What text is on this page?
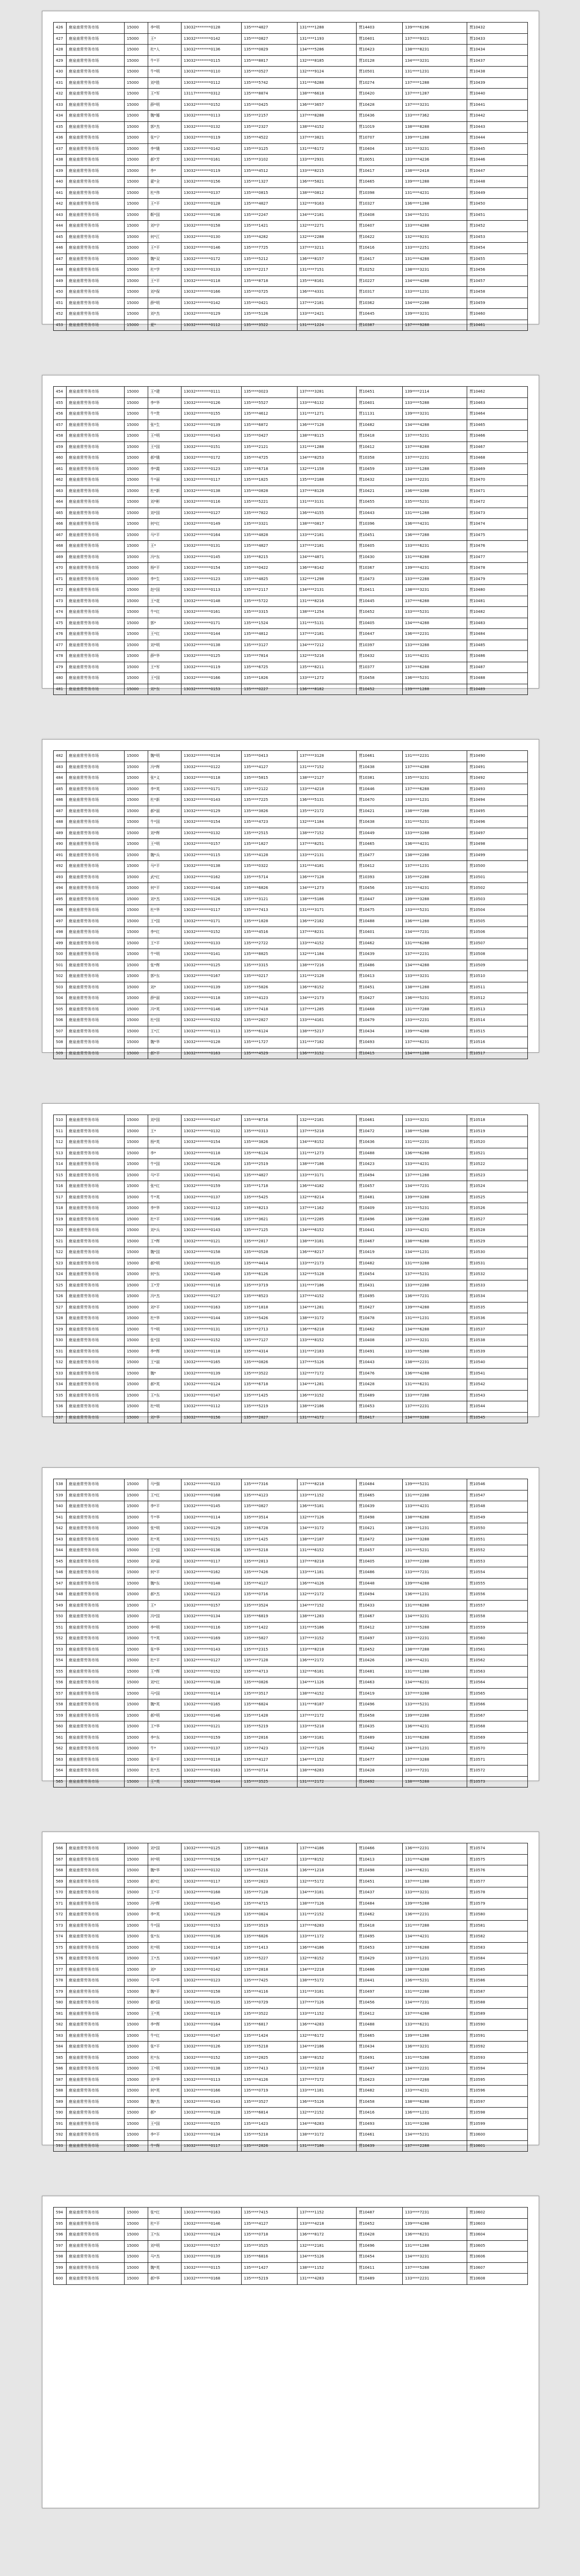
426	鹿泉南常劳务市场	15000	李*明	13032********0128	135****4827	131****1288	贾14403	139****6196	贾10432
427	鹿泉南常劳务市场	15000	王*	13032********0142	135****0827	131****1193	贾10401	137****9321	贾10433
428	鹿泉南常劳务市场	15000	杜*人	13032********0136	135****0829	134****5286	贾10423	138****8231	贾10434
429	鹿泉南常劳务市场	15000	牛*平	13032********0115	135****8817	132****8185	贾10128	134****3231	贾10437
430	鹿泉南常劳务市场	15000	牛*明	13032********0110	135****0527	132****9124	贾10501	131****1231	贾10438
431	鹿泉南常劳务市场	15000	刘*胜	13032********0112	135****5742	131****6288	贾10274	137****1288	贾10439
432	鹿泉南常劳务市场	15000	王*军	13117********0312	135****8874	138****6618	贾10420	137****1287	贾10440
433	鹿泉南常劳务市场	15000	薛*明	13032********0152	135****0425	136****3657	贾10428	137****3231	贾10441
434	鹿泉南常劳务市场	15000	魏*娜	13032********0113	135****2157	137****8288	贾10436	133****7362	贾10442
435	鹿泉南常劳务市场	15000	郭*杰	13032********0132	135****2327	138****4152	贾11019	138****8288	贾10443
436	鹿泉南常劳务市场	15000	张*宁	13032********0119	135****4522	137****3821	贾10707	139****1288	贾10444
437	鹿泉南常劳务市场	15000	李*娥	13032********0142	135****3125	131****6172	贾10404	131****3231	贾10445
438	鹿泉南常劳务市场	15000	郝*芳	13032********0161	135****3102	133****2931	贾10051	133****4236	贾10446
439	鹿泉南常劳务市场	15000	李*	13032********0119	135****4512	133****8215	贾10417	138****2418	贾10447
440	鹿泉南常劳务市场	15000	翟*全	13032********0156	135****1327	136****5821	贾10465	139****1288	贾10448
441	鹿泉南常劳务市场	15000	杜*伟	13032********0137	135****0815	138****0812	贾10398	131****4231	贾10449
442	鹿泉南常劳务市场	15000	王*平	13032********0128	135****4827	132****9163	贾10327	136****1288	贾10450
443	鹿泉南常劳务市场	15000	靳*国	13032********0136	135****2247	134****2181	贾10408	134****5231	贾10451
444	鹿泉南常劳务市场	15000	刘*宇	13032********0158	135****1421	132****2271	贾10407	133****4288	贾10452
445	鹿泉南常劳务市场	15000	何*江	13032********0130	135****4282	132****2288	贾10422	132****9231	贾10453
446	鹿泉南常劳务市场	15000	王*平	13032********0146	135****7725	137****3211	贾10416	133****2251	贾10454
447	鹿泉南常劳务市场	15000	魏*双	13032********0172	135****5212	136****8157	贾10417	131****4288	贾10455
448	鹿泉南常劳务市场	15000	杜*学	13032********0133	135****2217	131****7151	贾10252	138****3231	贾10456
449	鹿泉南常劳务市场	15000	王*平	13032********0118	135****8718	135****8161	贾10227	134****4288	贾10457
450	鹿泉南常劳务市场	15000	刘*保	13032********0166	135****0725	136****4331	贾10317	133****1231	贾10458
451	鹿泉南常劳务市场	15000	薛*明	13032********0142	135****0421	137****2181	贾10362	134****2288	贾10459
452	鹿泉南常劳务市场	15000	刘*杰	13032********0129	135****5126	133****2421	贾10445	139****3231	贾10460
453	鹿泉南常劳务市场	15000	夏*	13032********0112	135****3522	131****1224	贾10387	137****9288	贾10461
454	鹿泉南常劳务市场	15000	王*建	13032********0111	135****0023	137****3281	贾10451	139****2114	贾10462
455	鹿泉南常劳务市场	15000	李*华	13032********0126	135****5527	133****6132	贾10401	133****5288	贾10463
456	鹿泉南常劳务市场	15000	牛*贵	13032********0155	135****4612	131****1271	贾11131	139****3231	贾10464
457	鹿泉南常劳务市场	15000	张*生	13032********0139	135****6872	136****7128	贾10482	134****4288	贾10465
458	鹿泉南常劳务市场	15000	王*明	13032********0143	135****0427	138****8115	贾10418	137****5231	贾10466
459	鹿泉南常劳务市场	15000	王*国	13032********0151	135****2121	131****1288	贾10412	137****8288	贾10467
460	鹿泉南常劳务市场	15000	郝*娥	13032********0172	135****4725	134****8253	贾10358	137****2231	贾10468
461	鹿泉南常劳务市场	15000	李*霞	13032********0123	135****6718	132****1158	贾10459	133****1288	贾10469
462	鹿泉南常劳务市场	15000	牛*丽	13032********0117	135****1825	135****2188	贾10432	134****2231	贾10470
463	鹿泉南常劳务市场	15000	杜*新	13032********0138	135****0828	137****8128	贾10421	136****3288	贾10471
464	鹿泉南常劳务市场	15000	刘*彬	13032********0116	135****5221	131****3131	贾10455	135****5231	贾10472
465	鹿泉南常劳务市场	15000	刘*国	13032********0127	135****7822	136****4155	贾10443	131****1288	贾10473
466	鹿泉南常劳务市场	15000	何*红	13032********0149	135****3321	138****0817	贾10396	136****4231	贾10474
467	鹿泉南常劳务市场	15000	马*平	13032********0164	135****4828	133****2181	贾10451	136****7288	贾10475
468	鹿泉南常劳务市场	15000	王*	13032********0131	135****4827	137****2181	贾10405	133****6231	贾10476
469	鹿泉南常劳务市场	15000	冯*东	13032********0145	135****8215	134****4871	贾10430	131****8288	贾10477
470	鹿泉南常劳务市场	15000	杨*平	13032********0154	135****0422	136****8142	贾10367	139****4231	贾10478
471	鹿泉南常劳务市场	15000	李*生	13032********0123	135****4825	132****1298	贾10473	133****2288	贾10479
472	鹿泉南常劳务市场	15000	赵*国	13032********0113	135****2117	134****2131	贾10411	138****3231	贾10480
473	鹿泉南常劳务市场	15000	王*花	13032********0148	135****5722	131****8216	贾10445	137****6288	贾10481
474	鹿泉南常劳务市场	15000	牛*红	13032********0161	135****3315	138****1254	贾10452	133****5231	贾10482
475	鹿泉南常劳务市场	15000	郭*	13032********0171	135****1524	131****5131	贾10405	134****4288	贾10483
476	鹿泉南常劳务市场	15000	王*红	13032********0144	135****4812	137****2181	贾10447	136****2231	贾10484
477	鹿泉南常劳务市场	15000	刘*明	13032********0138	135****3127	134****7212	贾10397	133****3288	贾10485
478	鹿泉南常劳务市场	15000	薛*华	13032********0125	135****7814	132****5216	贾10432	131****4231	贾10486
479	鹿泉南常劳务市场	15000	王*军	13032********0119	135****6725	135****8211	贾10377	137****6288	贾10487
480	鹿泉南常劳务市场	15000	王*国	13032********0166	135****1826	133****1272	贾10458	136****5231	贾10488
481	鹿泉南常劳务市场	15000	刘*东	13032********0153	135****0227	136****8182	贾10452	139****1288	贾10489
482	鹿泉南常劳务市场	15000	魏*明	13032********0134	135****0413	137****3128	贾10461	131****2231	贾10490
483	鹿泉南常劳务市场	15000	冯*辉	13032********0122	135****4127	131****7152	贾10438	137****4288	贾10491
484	鹿泉南常劳务市场	15000	张*义	13032********0118	135****5815	138****2127	贾10381	135****3231	贾10492
485	鹿泉南常劳务市场	15000	李*英	13032********0171	135****2122	133****4218	贾10446	137****6288	贾10493
486	鹿泉南常劳务市场	15000	杜*新	13032********0143	135****7225	136****5131	贾10470	133****1231	贾10494
487	鹿泉南常劳务市场	15000	郝*丽	13032********0129	135****3826	135****2172	贾10421	138****7288	贾10495
488	鹿泉南常劳务市场	15000	牛*国	13032********0154	135****4723	132****1184	贾10438	131****5231	贾10496
489	鹿泉南常劳务市场	15000	刘*辉	13032********0132	135****2515	138****7152	贾10449	133****3288	贾10497
490	鹿泉南常劳务市场	15000	王*明	13032********0157	135****1827	137****8251	贾10465	136****4231	贾10498
491	鹿泉南常劳务市场	15000	魏*兵	13032********0115	135****4128	133****2131	贾10477	138****2288	贾10499
492	鹿泉南常劳务市场	15000	马*平	13032********0138	135****0322	131****4181	贾10412	137****1231	贾10500
493	鹿泉南常劳务市场	15000	武*红	13032********0162	135****5714	136****7128	贾10393	135****2288	贾10501
494	鹿泉南常劳务市场	15000	何*平	13032********0144	135****6826	134****1273	贾10456	131****4231	贾10502
495	鹿泉南常劳务市场	15000	刘*杰	13032********0126	135****3121	138****5186	贾10447	139****3288	贾10503
496	鹿泉南常劳务市场	15000	杜*华	13032********0117	135****7413	131****3171	贾10475	133****5231	贾10504
497	鹿泉南常劳务市场	15000	王*国	13032********0171	135****1828	136****2182	贾10488	136****1288	贾10505
498	鹿泉南常劳务市场	15000	李*红	13032********0152	135****4516	137****8231	贾10401	134****7231	贾10506
499	鹿泉南常劳务市场	15000	王*平	13032********0133	135****2722	133****4152	贾10462	131****6288	贾10507
500	鹿泉南常劳务市场	15000	牛*明	13032********0141	135****8825	132****1184	贾10439	137****2231	贾10508
501	鹿泉南常劳务市场	15000	张*辉	13032********0125	135****3315	138****7216	贾10486	134****4288	贾10509
502	鹿泉南常劳务市场	15000	郭*东	13032********0167	135****0217	131****2128	贾10413	133****3231	贾10510
503	鹿泉南常劳务市场	15000	刘*	13032********0139	135****5826	136****8152	贾10451	138****1288	贾10511
504	鹿泉南常劳务市场	15000	薛*丽	13032********0118	135****4123	134****2173	贾10427	136****5231	贾10512
505	鹿泉南常劳务市场	15000	冯*英	13032********0146	135****7418	137****1285	贾10468	131****7288	贾10513
506	鹿泉南常劳务市场	15000	杜*国	13032********0152	135****2827	133****4161	贾10479	133****2231	贾10514
507	鹿泉南常劳务市场	15000	王*江	13032********0113	135****6124	138****5217	贾10434	139****4288	贾10515
508	鹿泉南常劳务市场	15000	魏*华	13032********0128	135****1727	131****7182	贾10493	137****6231	贾10516
509	鹿泉南常劳务市场	15000	郝*平	13032********0163	135****4529	136****3152	贾10415	134****1288	贾10517
510	鹿泉南常劳务市场	15000	刘*国	13032********0147	135****8716	132****2181	贾10461	133****3231	贾10518
511	鹿泉南常劳务市场	15000	王*	13032********0132	135****0313	137****5218	贾10472	138****5288	贾10519
512	鹿泉南常劳务市场	15000	杨*英	13032********0154	135****3826	134****8152	贾10436	131****2231	贾10520
513	鹿泉南常劳务市场	15000	李*	13032********0118	135****6124	131****1273	贾10488	136****6288	贾10521
514	鹿泉南常劳务市场	15000	牛*国	13032********0126	135****2519	138****7186	贾10423	133****4231	贾10522
515	鹿泉南常劳务市场	15000	马*平	13032********0141	135****4827	133****3171	贾10494	137****1288	贾10523
516	鹿泉南常劳务市场	15000	张*红	13032********0159	135****1718	136****4182	贾10457	134****7231	贾10524
517	鹿泉南常劳务市场	15000	牛*英	13032********0137	135****5425	132****8214	贾10481	139****3288	贾10525
518	鹿泉南常劳务市场	15000	李*华	13032********0112	135****8213	137****1162	贾10409	131****5231	贾10526
519	鹿泉南常劳务市场	15000	杜*平	13032********0166	135****3621	131****2285	贾10496	136****2288	贾10527
520	鹿泉南常劳务市场	15000	刘*兵	13032********0143	135****7125	134****6152	贾10441	133****4231	贾10528
521	鹿泉南常劳务市场	15000	王*辉	13032********0121	135****2817	138****3181	贾10467	138****6288	贾10529
522	鹿泉南常劳务市场	15000	魏*国	13032********0158	135****0528	136****8217	贾10419	134****1231	贾10530
523	鹿泉南常劳务市场	15000	郝*明	13032********0135	135****4414	133****2173	贾10482	131****3288	贾10531
524	鹿泉南常劳务市场	15000	何*东	13032********0149	135****6126	132****5128	贾10454	137****5231	贾10532
525	鹿泉南常劳务市场	15000	王*芳	13032********0116	135****3719	131****7186	贾10431	133****2288	贾10533
526	鹿泉南常劳务市场	15000	冯*杰	13032********0127	135****8523	137****4152	贾10495	136****7231	贾10534
527	鹿泉南常劳务市场	15000	刘*平	13032********0163	135****1818	134****1281	贾10427	139****4288	贾10535
528	鹿泉南常劳务市场	15000	杜*华	13032********0144	135****5426	138****3172	贾10478	131****1231	贾10536
529	鹿泉南常劳务市场	15000	牛*明	13032********0131	135****2713	136****6218	贾10462	134****6288	贾10537
530	鹿泉南常劳务市场	15000	张*国	13032********0152	135****7127	133****8152	贾10408	137****3231	贾10538
531	鹿泉南常劳务市场	15000	李*辉	13032********0118	135****4314	131****2183	贾10491	133****5288	贾10539
532	鹿泉南常劳务市场	15000	王*丽	13032********0165	135****0826	137****5126	贾10443	138****2231	贾10540
533	鹿泉南常劳务市场	15000	魏*	13032********0139	135****3522	132****7172	贾10476	136****4288	贾10541
534	鹿泉南常劳务市场	15000	郝*英	13032********0124	135****6718	134****1281	贾10428	131****6231	贾10542
535	鹿泉南常劳务市场	15000	王*东	13032********0147	135****1425	136****3152	贾10489	133****7288	贾10543
536	鹿泉南常劳务市场	15000	杜*明	13032********0112	135****5219	138****2186	贾10453	137****2231	贾10544
537	鹿泉南常劳务市场	15000	刘*华	13032********0156	135****2827	131****4172	贾10417	134****3288	贾10545
538	鹿泉南常劳务市场	15000	马*强	13032********0133	135****7316	137****8218	贾10484	139****5231	贾10546
539	鹿泉南常劳务市场	15000	王*红	13032********0168	135****4123	133****1152	贾10465	131****2288	贾10547
540	鹿泉南常劳务市场	15000	李*平	13032********0145	135****0827	136****5181	贾10439	133****4231	贾10548
541	鹿泉南常劳务市场	15000	牛*华	13032********0114	135****3514	132****7126	贾10498	138****6288	贾10549
542	鹿泉南常劳务市场	15000	张*明	13032********0129	135****6728	134****3172	贾10421	136****1231	贾10550
543	鹿泉南常劳务市场	15000	杜*英	13032********0151	135****1425	138****2187	贾10472	134****3288	贾10551
544	鹿泉南常劳务市场	15000	王*国	13032********0136	135****5218	131****6152	贾10457	131****5231	贾10552
545	鹿泉南常劳务市场	15000	刘*丽	13032********0117	135****2813	137****8218	贾10405	137****2288	贾10553
546	鹿泉南常劳务市场	15000	何*平	13032********0162	135****7426	133****1181	贾10486	133****7231	贾10554
547	鹿泉南常劳务市场	15000	魏*东	13032********0148	135****4127	136****4126	贾10448	139****4288	贾10555
548	鹿泉南常劳务市场	15000	郝*杰	13032********0123	135****0716	132****2172	贾10494	136****1231	贾10556
549	鹿泉南常劳务市场	15000	王*	13032********0157	135****3524	134****7152	贾10433	131****6288	贾10557
550	鹿泉南常劳务市场	15000	冯*国	13032********0134	135****6819	138****1283	贾10467	134****3231	贾10558
551	鹿泉南常劳务市场	15000	李*明	13032********0116	135****1422	131****5186	贾10412	137****5288	贾10559
552	鹿泉南常劳务市场	15000	牛*英	13032********0169	135****5827	137****3152	贾10497	133****2231	贾10560
553	鹿泉南常劳务市场	15000	张*华	13032********0143	135****2315	133****8218	贾10452	138****7288	贾10561
554	鹿泉南常劳务市场	15000	杜*平	13032********0127	135****7128	136****2172	贾10426	136****4231	贾10562
555	鹿泉南常劳务市场	15000	王*辉	13032********0152	135****4713	132****6181	贾10481	131****1288	贾10563
556	鹿泉南常劳务市场	15000	刘*红	13032********0138	135****0826	134****1126	贾10463	134****6231	贾10564
557	鹿泉南常劳务市场	15000	马*国	13032********0114	135****3517	138****4152	贾10419	137****3288	贾10565
558	鹿泉南常劳务市场	15000	魏*英	13032********0165	135****6824	131****8187	贾10496	133****5231	贾10566
559	鹿泉南常劳务市场	15000	郝*明	13032********0146	135****1428	137****2172	贾10458	139****2288	贾10567
560	鹿泉南常劳务市场	15000	王*华	13032********0121	135****5219	133****5218	贾10435	136****4231	贾10568
561	鹿泉南常劳务市场	15000	李*东	13032********0159	135****2816	136****3181	贾10489	131****6288	贾10569
562	鹿泉南常劳务市场	15000	牛*	13032********0137	135****7423	132****7126	贾10442	134****1231	贾10570
563	鹿泉南常劳务市场	15000	张*平	13032********0118	135****4127	134****1152	贾10477	137****3288	贾10571
564	鹿泉南常劳务市场	15000	杜*杰	13032********0163	135****0714	138****6283	贾10428	133****7231	贾10572
565	鹿泉南常劳务市场	15000	王*英	13032********0144	135****3525	131****2172	贾10492	138****5288	贾10573
566	鹿泉南常劳务市场	15000	刘*国	13032********0125	135****6818	137****4186	贾10466	136****2231	贾10574
567	鹿泉南常劳务市场	15000	何*明	13032********0156	135****1427	133****8152	贾10413	131****4288	贾10575
568	鹿泉南常劳务市场	15000	魏*华	13032********0132	135****5216	136****1218	贾10498	134****6231	贾10576
569	鹿泉南常劳务市场	15000	郝*红	13032********0117	135****2823	132****5172	贾10451	137****1288	贾10577
570	鹿泉南常劳务市场	15000	王*平	13032********0168	135****7128	134****3181	贾10437	133****3231	贾10578
571	鹿泉南常劳务市场	15000	冯*辉	13032********0145	135****4715	138****7126	贾10484	139****5288	贾10579
572	鹿泉南常劳务市场	15000	李*英	13032********0129	135****0824	131****2152	贾10462	136****2231	贾10580
573	鹿泉南常劳务市场	15000	牛*国	13032********0153	135****3519	137****6283	贾10418	131****7288	贾10581
574	鹿泉南常劳务市场	15000	张*东	13032********0136	135****6826	133****1172	贾10495	134****4231	贾10582
575	鹿泉南常劳务市场	15000	杜*明	13032********0114	135****1413	136****4186	贾10453	137****6288	贾10583
576	鹿泉南常劳务市场	15000	王*杰	13032********0167	135****5227	132****8152	贾10429	133****1231	贾10584
577	鹿泉南常劳务市场	15000	刘*	13032********0142	135****2818	134****2218	贾10486	138****3288	贾10585
578	鹿泉南常劳务市场	15000	马*华	13032********0123	135****7425	138****5172	贾10441	136****5231	贾10586
579	鹿泉南常劳务市场	15000	魏*平	13032********0158	135****4116	131****3181	贾10497	131****2288	贾10587
580	鹿泉南常劳务市场	15000	郝*国	13032********0135	135****0729	137****7126	贾10456	134****7231	贾10588
581	鹿泉南常劳务市场	15000	王*英	13032********0119	135****3522	133****1152	贾10412	137****4288	贾10589
582	鹿泉南常劳务市场	15000	李*辉	13032********0164	135****6817	136****4283	贾10488	133****6231	贾10590
583	鹿泉南常劳务市场	15000	牛*红	13032********0147	135****1424	132****6172	贾10465	139****1288	贾10591
584	鹿泉南常劳务市场	15000	张*平	13032********0126	135****5218	134****2186	贾10434	136****3231	贾10592
585	鹿泉南常劳务市场	15000	杜*东	13032********0152	135****2825	138****8152	贾10491	131****5288	贾10593
586	鹿泉南常劳务市场	15000	王*明	13032********0138	135****7413	131****3218	贾10447	134****2231	贾10594
587	鹿泉南常劳务市场	15000	刘*华	13032********0113	135****4126	137****7172	贾10423	137****7288	贾10595
588	鹿泉南常劳务市场	15000	何*英	13032********0166	135****0719	133****1181	贾10482	133****4231	贾10596
589	鹿泉南常劳务市场	15000	魏*杰	13032********0143	135****3527	136****5126	贾10458	138****6288	贾10597
590	鹿泉南常劳务市场	15000	郝*	13032********0128	135****6814	132****2152	贾10416	136****1231	贾10598
591	鹿泉南常劳务市场	15000	王*国	13032********0155	135****1423	134****6283	贾10493	131****3288	贾10599
592	鹿泉南常劳务市场	15000	李*平	13032********0134	135****5218	138****3172	贾10461	134****5231	贾10600
593	鹿泉南常劳务市场	15000	牛*辉	13032********0117	135****2826	131****7186	贾10439	137****2288	贾10601
594	鹿泉南常劳务市场	15000	张*红	13032********0163	135****7415	137****1152	贾10487	133****7231	贾10602
595	鹿泉南常劳务市场	15000	杜*平	13032********0146	135****4127	133****4218	贾10452	139****4288	贾10603
596	鹿泉南常劳务市场	15000	王*东	13032********0124	135****0718	136****8172	贾10428	136****6231	贾10604
597	鹿泉南常劳务市场	15000	刘*明	13032********0157	135****3525	132****2181	贾10496	131****1288	贾10605
598	鹿泉南常劳务市场	15000	马*杰	13032********0139	135****6816	134****5126	贾10454	134****3231	贾10606
599	鹿泉南常劳务市场	15000	魏*英	13032********0115	135****1427	138****1152	贾10411	137****5288	贾10607
600	鹿泉南常劳务市场	15000	郝*华	13032********0168	135****5219	131****4283	贾10489	133****2231	贾10608
